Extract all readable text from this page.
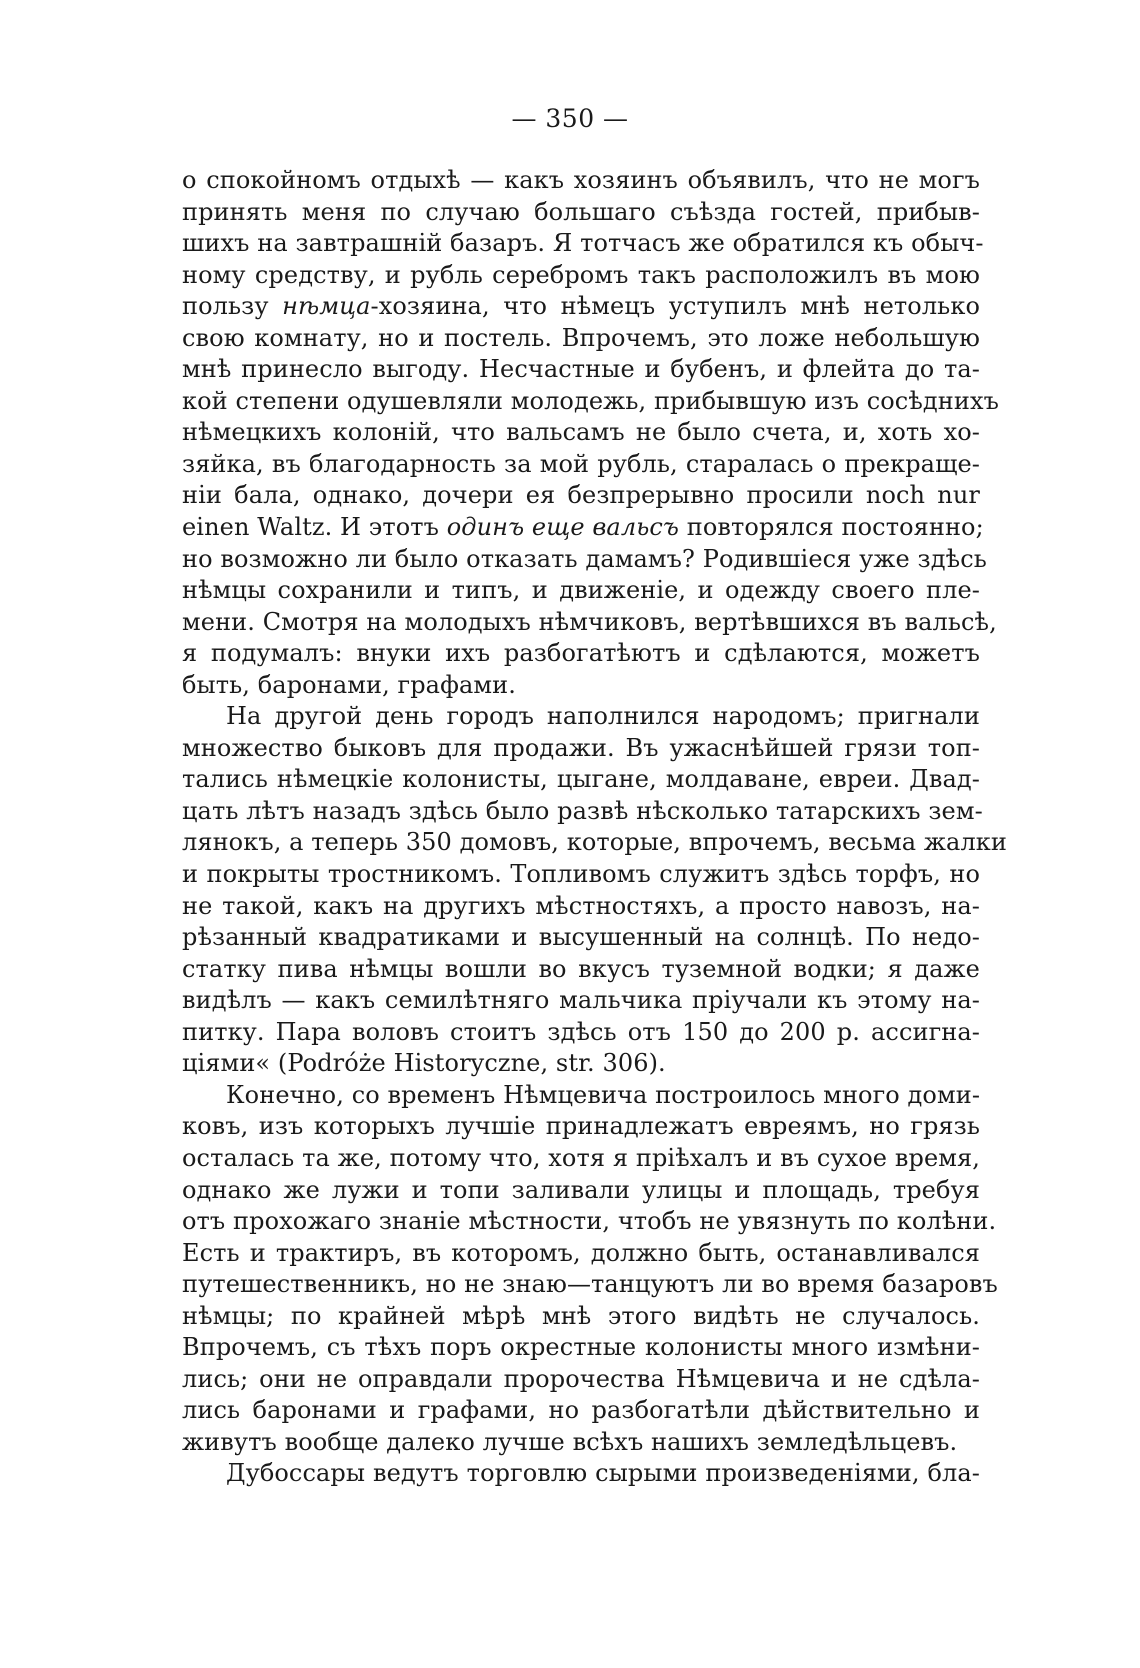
— 350 —
о спокойномъ отдыхѣ — какъ хозяинъ объявилъ, что не могъ
принять меня по случаю большаго съѣзда гостей, прибыв-
шихъ на завтрашній базаръ. Я тотчасъ же обратился къ обыч-
ному средству, и рубль серебромъ такъ расположилъ въ мою
пользу нѣмца-хозяина, что нѣмецъ уступилъ мнѣ нетолько
свою комнату, но и постель. Впрочемъ, это ложе небольшую
мнѣ принесло выгоду. Несчастные и бубенъ, и флейта до та-
кой степени одушевляли молодежь, прибывшую изъ сосѣднихъ
нѣмецкихъ колоній, что вальсамъ не было счета, и, хоть хо-
зяйка, въ благодарность за мой рубль, старалась о прекраще-
ніи бала, однако, дочери ея безпрерывно просили noch nur
einen Waltz. И этотъ одинъ еще вальсъ повторялся постоянно;
но возможно ли было отказать дамамъ? Родившіеся уже здѣсь
нѣмцы сохранили и типъ, и движеніе, и одежду своего пле-
мени. Смотря на молодыхъ нѣмчиковъ, вертѣвшихся въ вальсѣ,
я подумалъ: внуки ихъ разбогатѣютъ и сдѣлаются, можетъ
быть, баронами, графами.
На другой день городъ наполнился народомъ; пригнали
множество быковъ для продажи. Въ ужаснѣйшей грязи топ-
тались нѣмецкіе колонисты, цыгане, молдаване, евреи. Двад-
цать лѣтъ назадъ здѣсь было развѣ нѣсколько татарскихъ зем-
лянокъ, а теперь 350 домовъ, которые, впрочемъ, весьма жалки
и покрыты тростникомъ. Топливомъ служитъ здѣсь торфъ, но
не такой, какъ на другихъ мѣстностяхъ, а просто навозъ, на-
рѣзанный квадратиками и высушенный на солнцѣ. По недо-
статку пива нѣмцы вошли во вкусъ туземной водки; я даже
видѣлъ — какъ семилѣтняго мальчика пріучали къ этому на-
питку. Пара воловъ стоитъ здѣсь отъ 150 до 200 р. ассигна-
ціями« (Podróże Historyczne, str. 306).
Конечно, со временъ Нѣмцевича построилось много доми-
ковъ, изъ которыхъ лучшіе принадлежатъ евреямъ, но грязь
осталась та же, потому что, хотя я пріѣхалъ и въ сухое время,
однако же лужи и топи заливали улицы и площадь, требуя
отъ прохожаго знаніе мѣстности, чтобъ не увязнуть по колѣни.
Есть и трактиръ, въ которомъ, должно быть, останавливался
путешественникъ, но не знаю—танцуютъ ли во время базаровъ
нѣмцы; по крайней мѣрѣ мнѣ этого видѣть не случалось.
Впрочемъ, съ тѣхъ поръ окрестные колонисты много измѣни-
лись; они не оправдали пророчества Нѣмцевича и не сдѣла-
лись баронами и графами, но разбогатѣли дѣйствительно и
живутъ вообще далеко лучше всѣхъ нашихъ земледѣльцевъ.
Дубоссары ведутъ торговлю сырыми произведеніями, бла-
